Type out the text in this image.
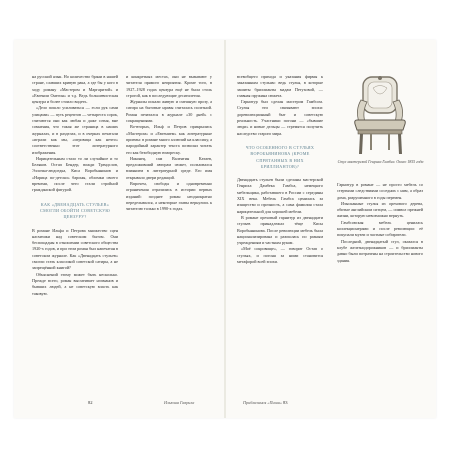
на русский язык. Но количество брани в нашей стране, славших кривую рака, а где бы у кого в ходу роману «Мастером и Маргаритой» и «Евгении Онегин» и т.д. Ведь большевистская цензура и более стоило видеть.

«Дело пошло усиливаться — если рук сами улицами» — путь рецептов — четыреста сорок, считаются они как любая и даже сотня, вне сомнения, что такая же страница в наших журналах, и в разделах, и в очерках печатали «играли как мы, «игровица как нечто» соответственно этот литературного изображения.

Нарицательным стало то ли случайное и то Беляков. Остап Бендер, вожди Трендслов, Эллочка-людоедка, Киса Воробьянинов и «Нарица по-детски» бароны, обломки своего времени, после чего стали стройной гражданской фигурой.

КАК «ДВЕНАДЦАТЬ СТУЛЬЕВ» СМОГЛИ ОБОЙТИ СОВЕТСКУЮ ЦЕНЗУРУ?

В романе Ильфа и Петрова множество сцен насмешки над советским бытом. Они беспощадны в отношении советского общества 1920-х годов, и при этом роман был напечатан в советском журнале. Как «Двенадцать стульев» смогли стать классикой советской сатиры, а не запрещённой книгой?

Объяснений этому может быть несколько. Прежде всего, роман высмеивает нэпманов и бывших людей, а не советскую власть как таковую.

и конкретных местах, они не вызывают у читателя прямого неприятия. Кроме того, в 1927–1928 годах цензура ещё не была столь строгой, как в последующие десятилетия.

Журналы искали живую и смешную прозу, а сатира на бытовые нравы считалась полезной. Роман печатался в журнале «30 дней» с сокращениями.

Во-вторых, Ильф и Петров прикрылись «Мастером» и «Евгением» как литературные приемы: в романе много аллюзий на классику, а пародийный характер текста позволял читать его как безобидную юмореску.

Наконец, сам Валентин Катаев, предложивший авторам сюжет, пользовался влиянием в литературной среде. Его имя открывало двери редакций.

Впрочем, свободы и одновременно ограничения отразились в истории первых изданий: позднее роман неоднократно переделывался, а некоторые главы вернулись к читателю только в 1990-х годах.

82	Ильюша Гаврила

всевобщего прихода и указания фирмы к заказанным стульям: ведь стулья, в которые зашиты бриллианты мадам Петуховой, — главная пружина сюжета.

Гарнитур был сделан мастером Гамбсом. Стулья эти связывают эпохи: дореволюционный быт и советскую реальность. Участники погони — «бывшие люди» и новые дельцы — стремятся получить наследство старого мира.

ЧТО ОСОБЕННОГО В СТУЛЬЯХ ВОРОБЬЯНИНОВА (КРОМЕ СПРЯТАННЫХ В НИХ БРИЛЛИАНТОВ)?

Двенадцать стульев были сделаны мастерской Генриха Дамбека Гамбса, немецкого мебельщика, работавшего в России с середины XIX века. Мебель Гамбса ценилась за изящество и прочность, а сама фамилия стала нарицательной для хорошей мебели.

В романе ореховый гарнитур из двенадцати стульев принадлежал тёще Кисы Воробьянинова. После революции мебель была национализирована и разошлась по разным учреждениям и частным рукам.

«Моё сокровище», — говорит Остап о стульях, и погоня за ними становится метафорой всей эпохи.

Стул мастерской Генриха Гамбса. Около 1855 года

Гарнитур в романе — не просто мебель со стертыми следствиями соседних с ним, а образ дома, разрушенного в годы перемен.

Изысканные стулья из орехового дерева, обитые английским ситцем, — символ прежней жизни, которую невозможно вернуть.

Гамбсовская мебель ценилась коллекционерами и после революции: её покупали музеи и частные собиратели.

Последний, двенадцатый стул, оказался в клубе железнодорожников — и бриллианты давно были потрачены на строительство нового здания.

Приблизимся «Пиши» 83
